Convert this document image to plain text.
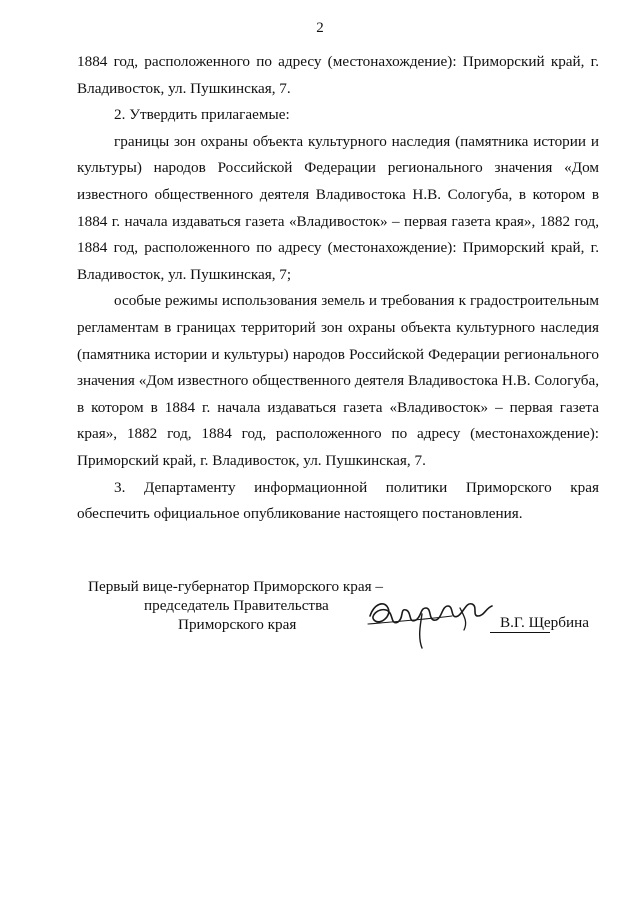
2

1884 год, расположенного по адресу (местонахождение): Приморский край, г. Владивосток, ул. Пушкинская, 7.

2. Утвердить прилагаемые:

границы зон охраны объекта культурного наследия (памятника истории и культуры) народов Российской Федерации регионального значения «Дом известного общественного деятеля Владивостока Н.В. Сологуба, в котором в 1884 г. начала издаваться газета «Владивосток» – первая газета края», 1882 год, 1884 год, расположенного по адресу (местонахождение): Приморский край, г. Владивосток, ул. Пушкинская, 7;

особые режимы использования земель и требования к градостроительным регламентам в границах территорий зон охраны объекта культурного наследия (памятника истории и культуры) народов Российской Федерации регионального значения «Дом известного общественного деятеля Владивостока Н.В. Сологуба, в котором в 1884 г. начала издаваться газета «Владивосток» – первая газета края», 1882 год, 1884 год, расположенного по адресу (местонахождение): Приморский край, г. Владивосток, ул. Пушкинская, 7.

3. Департаменту информационной политики Приморского края обеспечить официальное опубликование настоящего постановления.

Первый вице-губернатор Приморского края –
председатель Правительства
Приморского края	В.Г. Щербина
